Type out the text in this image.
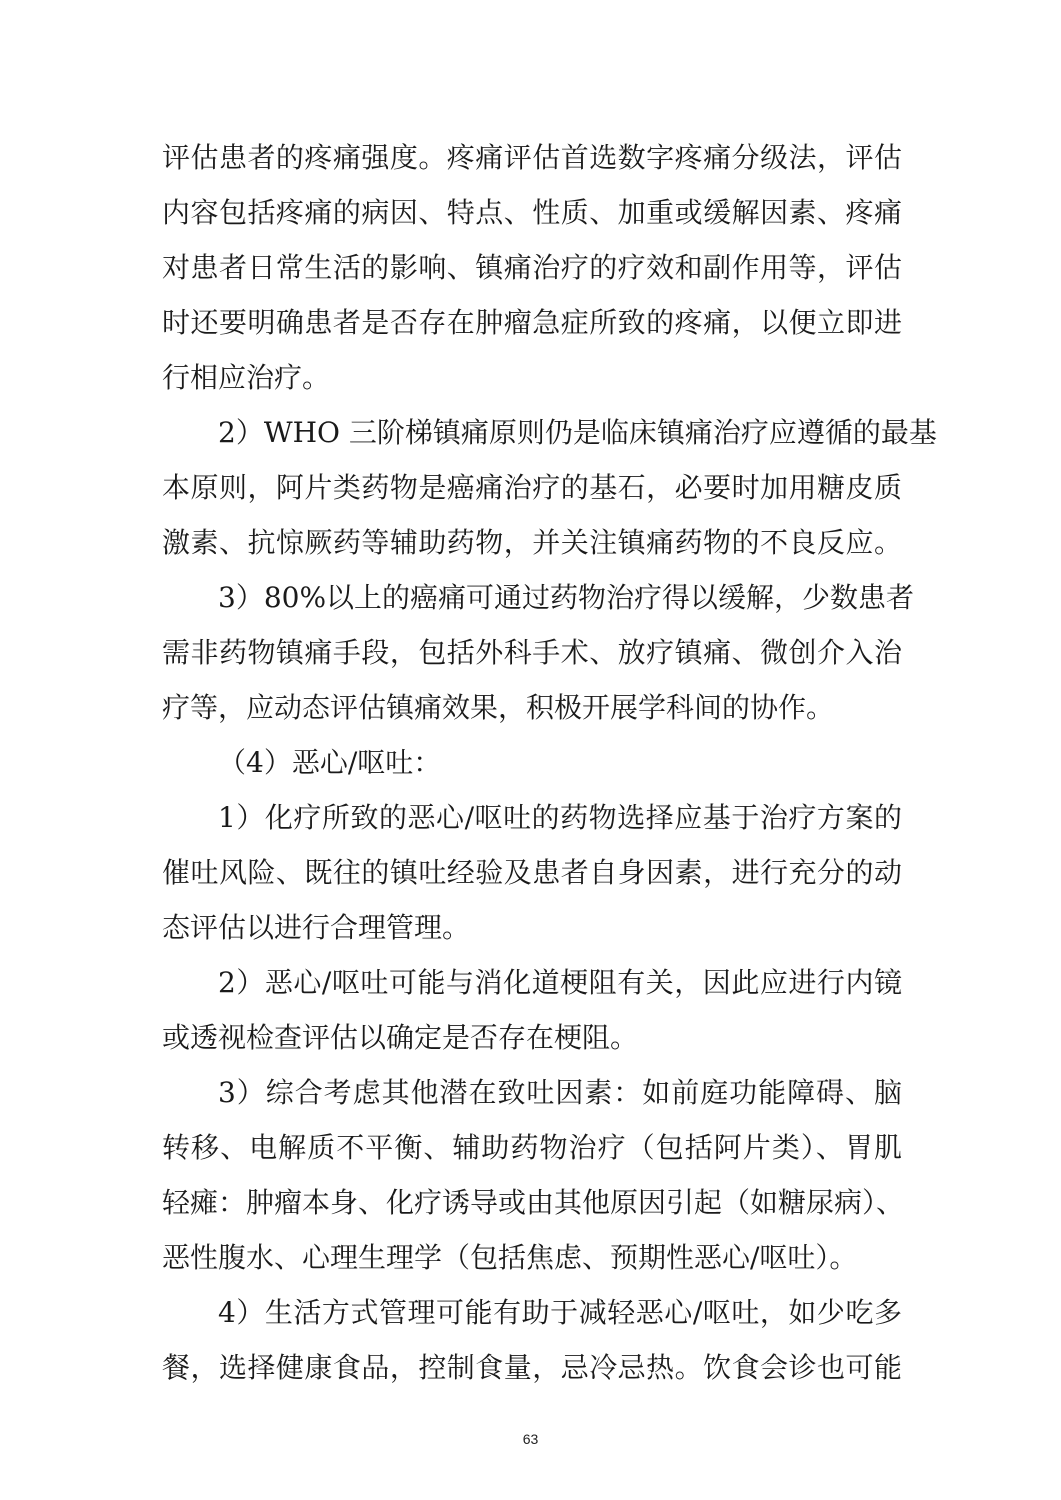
评估患者的疼痛强度。疼痛评估首选数字疼痛分级法，评估
内容包括疼痛的病因、特点、性质、加重或缓解因素、疼痛
对患者日常生活的影响、镇痛治疗的疗效和副作用等，评估
时还要明确患者是否存在肿瘤急症所致的疼痛，以便立即进
行相应治疗。
2）WHO 三阶梯镇痛原则仍是临床镇痛治疗应遵循的最基
本原则，阿片类药物是癌痛治疗的基石，必要时加用糖皮质
激素、抗惊厥药等辅助药物，并关注镇痛药物的不良反应。
3）80%以上的癌痛可通过药物治疗得以缓解，少数患者
需非药物镇痛手段，包括外科手术、放疗镇痛、微创介入治
疗等，应动态评估镇痛效果，积极开展学科间的协作。
（4）恶心/呕吐：
1）化疗所致的恶心/呕吐的药物选择应基于治疗方案的
催吐风险、既往的镇吐经验及患者自身因素，进行充分的动
态评估以进行合理管理。
2）恶心/呕吐可能与消化道梗阻有关，因此应进行内镜
或透视检查评估以确定是否存在梗阻。
3）综合考虑其他潜在致吐因素：如前庭功能障碍、脑
转移、电解质不平衡、辅助药物治疗（包括阿片类）、胃肌
轻瘫：肿瘤本身、化疗诱导或由其他原因引起（如糖尿病）、
恶性腹水、心理生理学（包括焦虑、预期性恶心/呕吐）。
4）生活方式管理可能有助于减轻恶心/呕吐，如少吃多
餐，选择健康食品，控制食量，忌冷忌热。饮食会诊也可能
63
